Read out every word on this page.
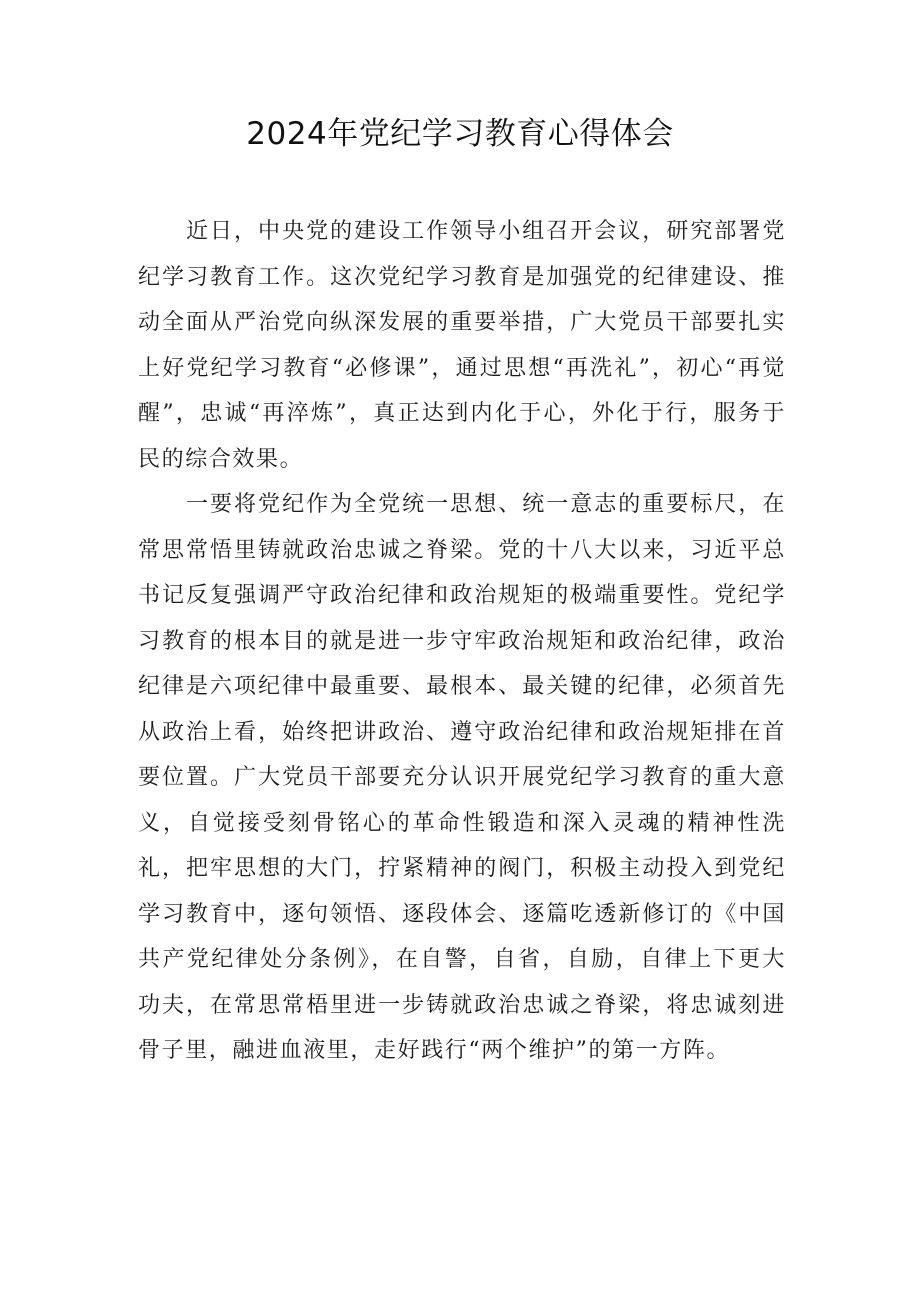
2024年党纪学习教育心得体会

近日，中央党的建设工作领导小组召开会议，研究部署党纪学习教育工作。这次党纪学习教育是加强党的纪律建设、推动全面从严治党向纵深发展的重要举措，广大党员干部要扎实上好党纪学习教育“必修课”，通过思想“再洗礼”，初心“再觉醒”，忠诚“再淬炼”，真正达到内化于心，外化于行，服务于民的综合效果。

一要将党纪作为全党统一思想、统一意志的重要标尺，在常思常悟里铸就政治忠诚之脊梁。党的十八大以来，习近平总书记反复强调严守政治纪律和政治规矩的极端重要性。党纪学习教育的根本目的就是进一步守牢政治规矩和政治纪律，政治纪律是六项纪律中最重要、最根本、最关键的纪律，必须首先从政治上看，始终把讲政治、遵守政治纪律和政治规矩排在首要位置。广大党员干部要充分认识开展党纪学习教育的重大意义，自觉接受刻骨铭心的革命性锻造和深入灵魂的精神性洗礼，把牢思想的大门，拧紧精神的阀门，积极主动投入到党纪学习教育中，逐句领悟、逐段体会、逐篇吃透新修订的《中国共产党纪律处分条例》，在自警，自省，自励，自律上下更大功夫，在常思常梧里进一步铸就政治忠诚之脊梁，将忠诚刻进骨子里，融进血液里，走好践行“两个维护”的第一方阵。
